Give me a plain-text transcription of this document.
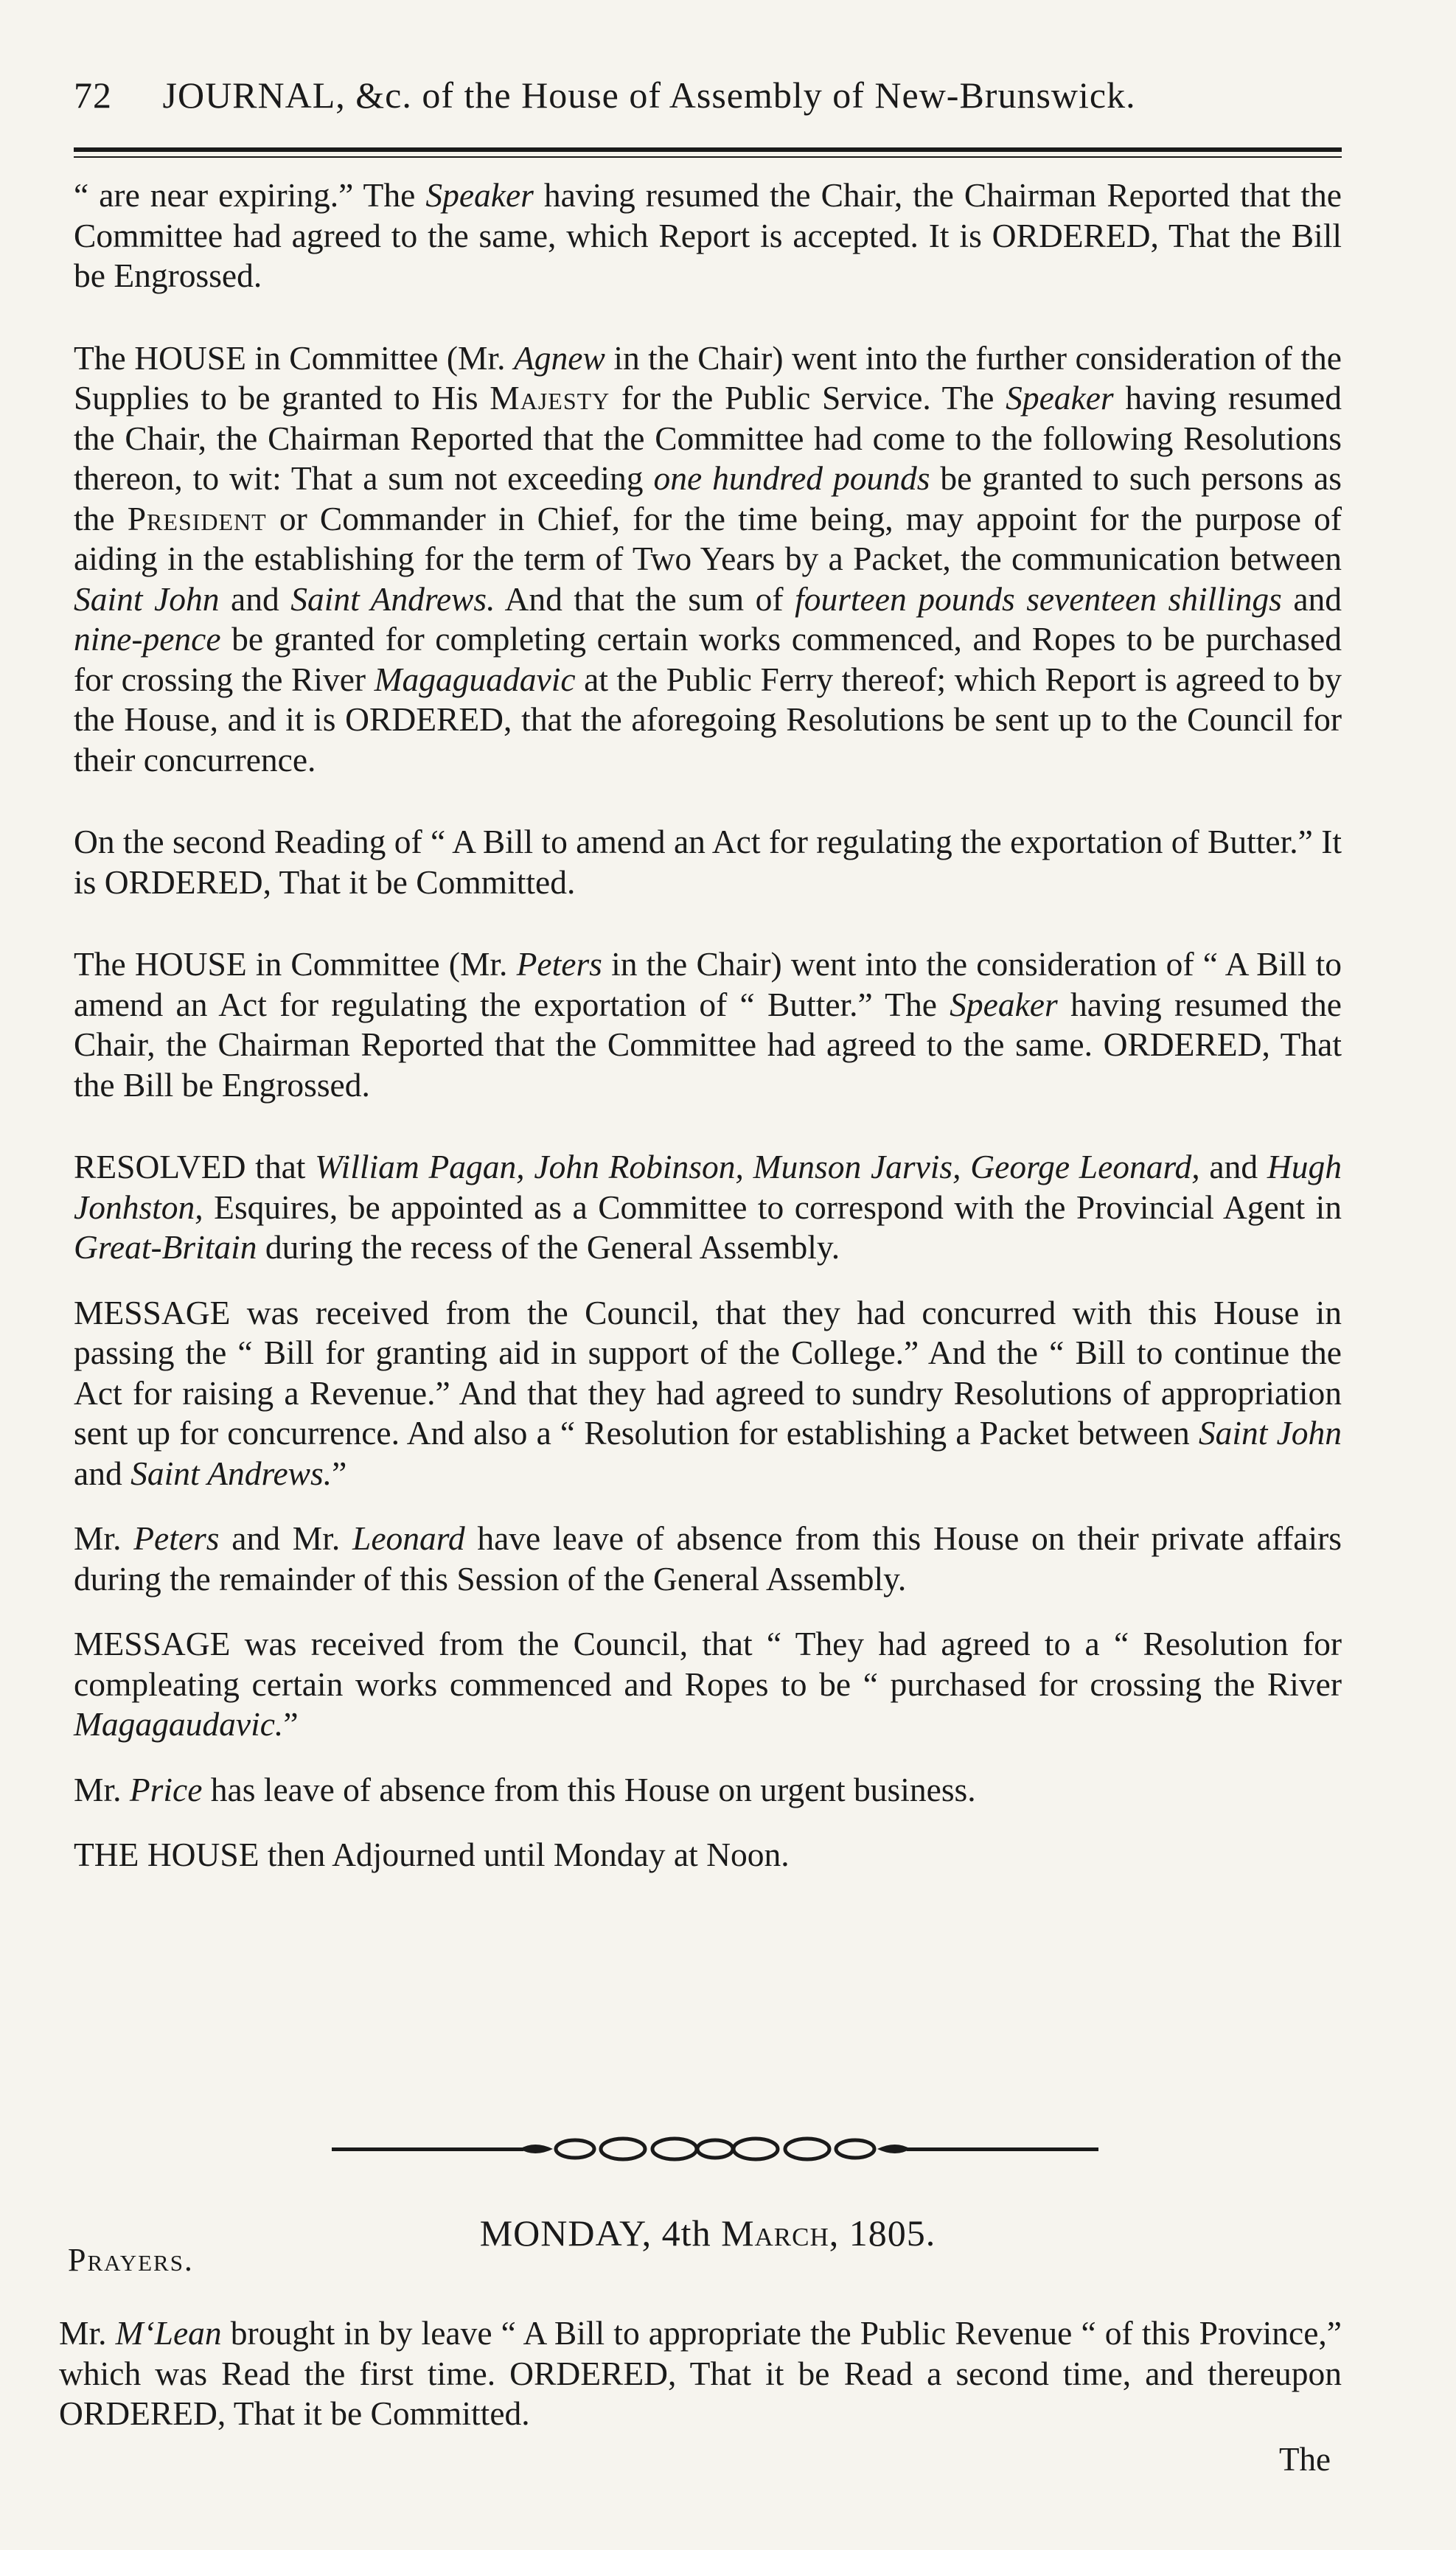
72 JOURNAL, &c. of the House of Assembly of New-Brunswick.

“ are near expiring.” The Speaker having resumed the Chair, the Chairman Reported that the Committee had agreed to the same, which Report is accepted. It is ORDERED, That the Bill be Engrossed.

The HOUSE in Committee (Mr. Agnew in the Chair) went into the further consideration of the Supplies to be granted to His Majesty for the Public Service. The Speaker having resumed the Chair, the Chairman Reported that the Committee had come to the following Resolutions thereon, to wit: That a sum not exceeding one hundred pounds be granted to such persons as the President or Commander in Chief, for the time being, may appoint for the purpose of aiding in the establishing for the term of Two Years by a Packet, the communication between Saint John and Saint Andrews. And that the sum of fourteen pounds seventeen shillings and nine-pence be granted for completing certain works commenced, and Ropes to be purchased for crossing the River Magaguadavic at the Public Ferry thereof; which Report is agreed to by the House, and it is ORDERED, that the aforegoing Resolutions be sent up to the Council for their concurrence.

On the second Reading of “ A Bill to amend an Act for regulating the exportation of Butter.” It is ORDERED, That it be Committed.

The HOUSE in Committee (Mr. Peters in the Chair) went into the consideration of “ A Bill to amend an Act for regulating the exportation of “ Butter.” The Speaker having resumed the Chair, the Chairman Reported that the Committee had agreed to the same. ORDERED, That the Bill be Engrossed.

RESOLVED that William Pagan, John Robinson, Munson Jarvis, George Leonard, and Hugh Jonhston, Esquires, be appointed as a Committee to correspond with the Provincial Agent in Great-Britain during the recess of the General Assembly.

MESSAGE was received from the Council, that they had concurred with this House in passing the “ Bill for granting aid in support of the College.” And the “ Bill to continue the Act for raising a Revenue.” And that they had agreed to sundry Resolutions of appropriation sent up for concurrence. And also a “ Resolution for establishing a Packet between Saint John and Saint Andrews.”

Mr. Peters and Mr. Leonard have leave of absence from this House on their private affairs during the remainder of this Session of the General Assembly.

MESSAGE was received from the Council, that “ They had agreed to a “ Resolution for compleating certain works commenced and Ropes to be “ purchased for crossing the River Magagaudavic.”

Mr. Price has leave of absence from this House on urgent business.

THE HOUSE then Adjourned until Monday at Noon.

MONDAY, 4th March, 1805.
Prayers.

Mr. M‘Lean brought in by leave “ A Bill to appropriate the Public Revenue “ of this Province,” which was Read the first time. ORDERED, That it be Read a second time, and thereupon ORDERED, That it be Committed.

The
